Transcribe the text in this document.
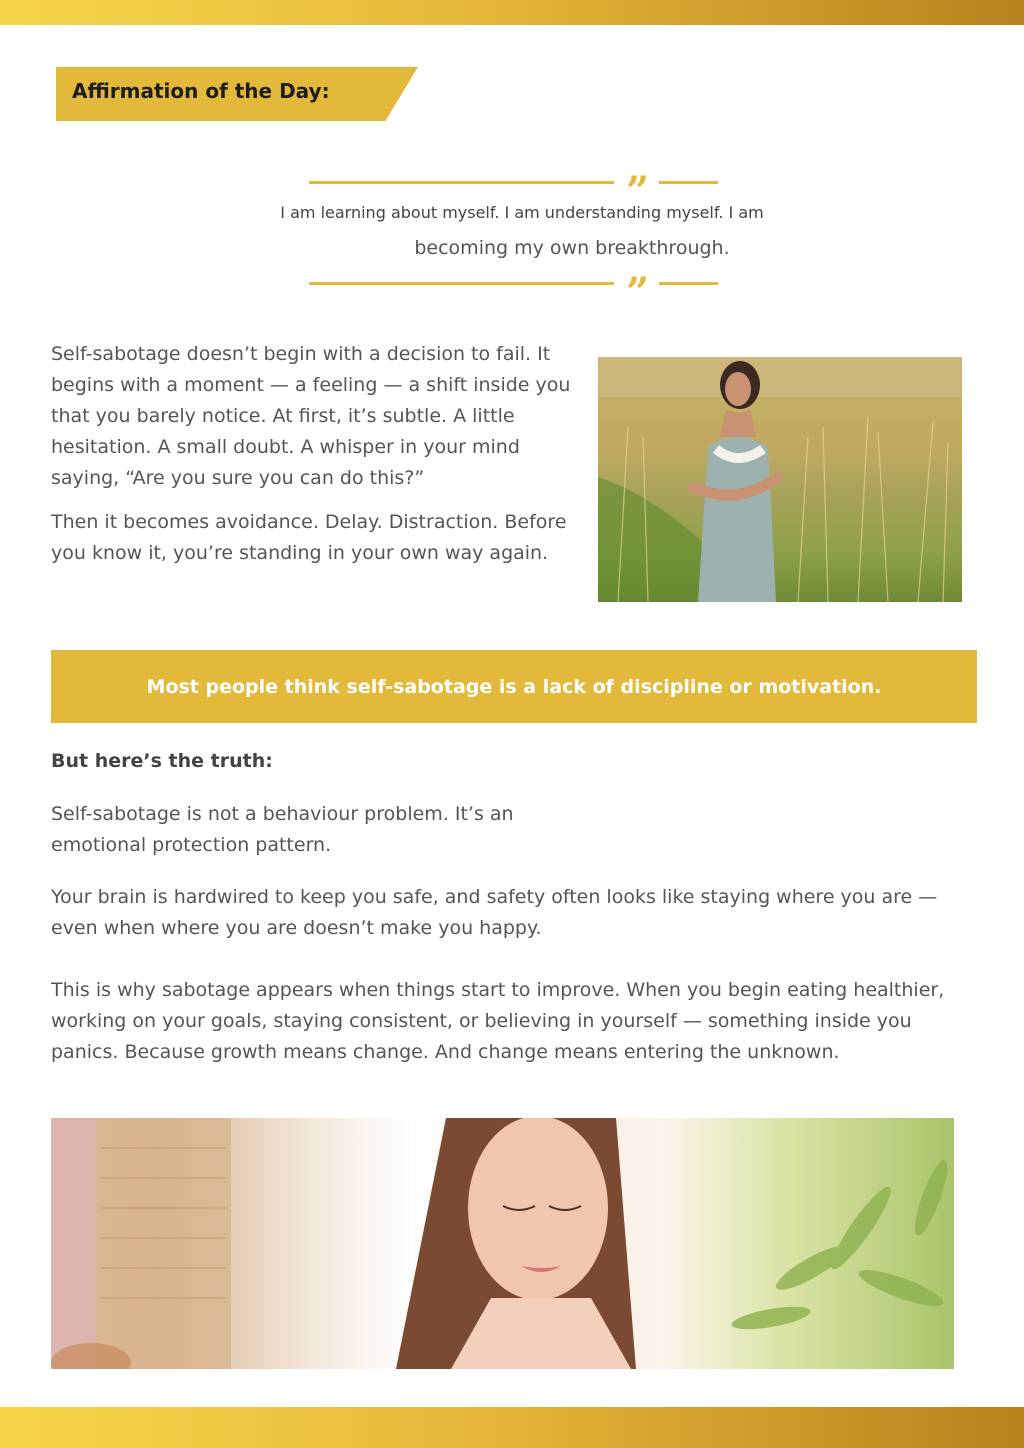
Affirmation of the Day:
”
I am learning about myself. I am understanding myself. I am
becoming my own breakthrough.
”

Self-sabotage doesn’t begin with a decision to fail. It begins with a moment — a feeling — a shift inside you that you barely notice. At first, it’s subtle. A little hesitation. A small doubt. A whisper in your mind saying, “Are you sure you can do this?”

Then it becomes avoidance. Delay. Distraction. Before you know it, you’re standing in your own way again.

Most people think self-sabotage is a lack of discipline or motivation.
But here’s the truth:

Self-sabotage is not a behaviour problem. It’s an emotional protection pattern.

Your brain is hardwired to keep you safe, and safety often looks like staying where you are — even when where you are doesn’t make you happy.

This is why sabotage appears when things start to improve. When you begin eating healthier, working on your goals, staying consistent, or believing in yourself — something inside you panics. Because growth means change. And change means entering the unknown.
